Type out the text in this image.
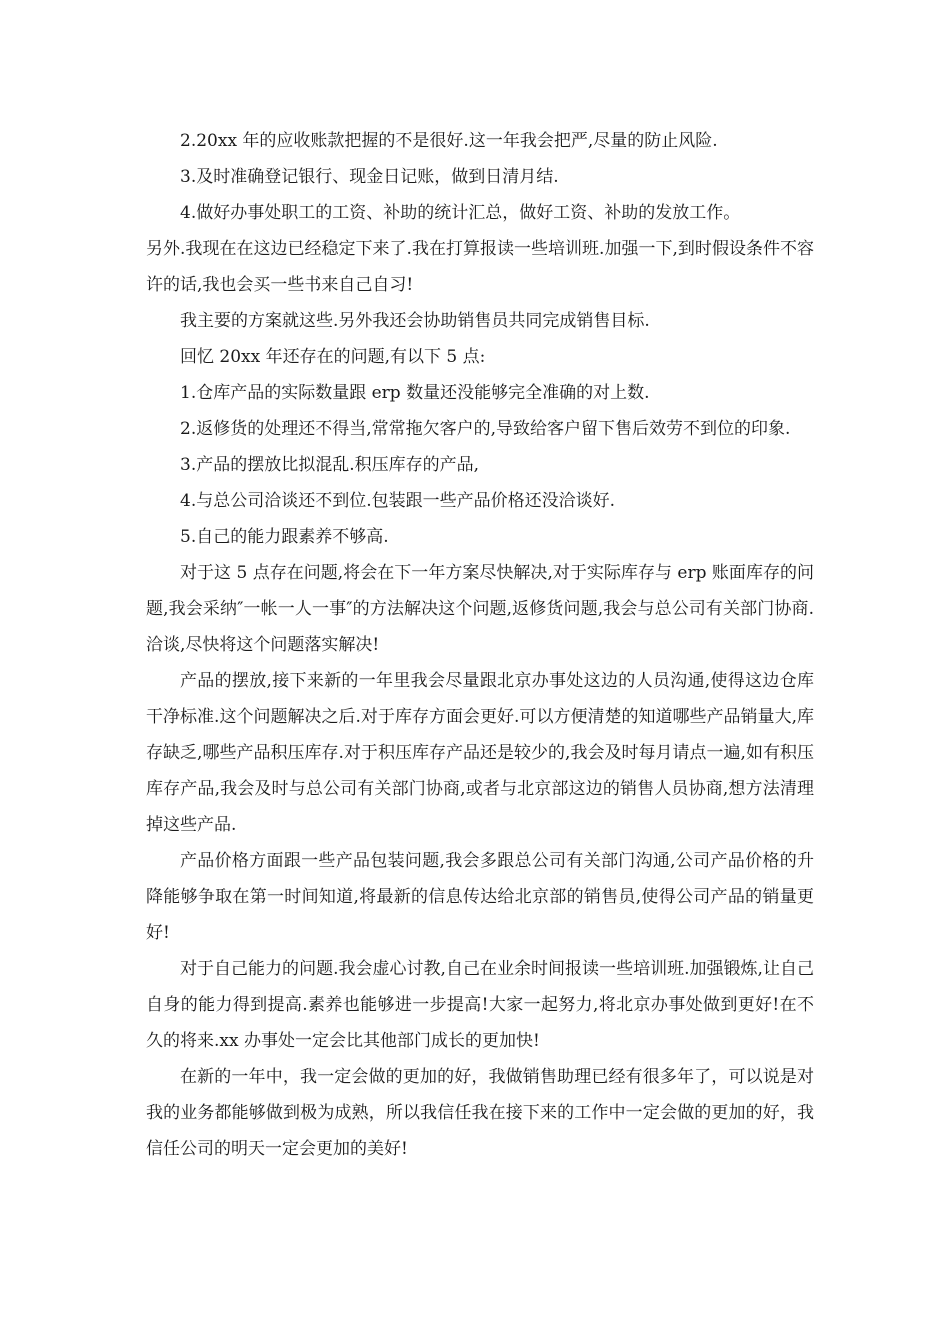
2.20xx 年的应收账款把握的不是很好.这一年我会把严,尽量的防止风险.

3.及时准确登记银行、现金日记账，做到日清月结.

4.做好办事处职工的工资、补助的统计汇总，做好工资、补助的发放工作。

另外.我现在在这边已经稳定下来了.我在打算报读一些培训班.加强一下,到时假设条件不容许的话,我也会买一些书来自己自习!

我主要的方案就这些.另外我还会协助销售员共同完成销售目标.

回忆 20xx 年还存在的问题,有以下 5 点:

1.仓库产品的实际数量跟 erp 数量还没能够完全准确的对上数.

2.返修货的处理还不得当,常常拖欠客户的,导致给客户留下售后效劳不到位的印象.

3.产品的摆放比拟混乱.积压库存的产品,

4.与总公司洽谈还不到位.包装跟一些产品价格还没洽谈好.

5.自己的能力跟素养不够高.

对于这 5 点存在问题,将会在下一年方案尽快解决,对于实际库存与 erp 账面库存的问题,我会采纳″一帐一人一事″的方法解决这个问题,返修货问题,我会与总公司有关部门协商.洽谈,尽快将这个问题落实解决!

产品的摆放,接下来新的一年里我会尽量跟北京办事处这边的人员沟通,使得这边仓库干净标准.这个问题解决之后.对于库存方面会更好.可以方便清楚的知道哪些产品销量大,库存缺乏,哪些产品积压库存.对于积压库存产品还是较少的,我会及时每月请点一遍,如有积压库存产品,我会及时与总公司有关部门协商,或者与北京部这边的销售人员协商,想方法清理掉这些产品.

产品价格方面跟一些产品包装问题,我会多跟总公司有关部门沟通,公司产品价格的升降能够争取在第一时间知道,将最新的信息传达给北京部的销售员,使得公司产品的销量更好!

对于自己能力的问题.我会虚心讨教,自己在业余时间报读一些培训班.加强锻炼,让自己自身的能力得到提高.素养也能够进一步提高!大家一起努力,将北京办事处做到更好!在不久的将来.xx 办事处一定会比其他部门成长的更加快!

在新的一年中，我一定会做的更加的好，我做销售助理已经有很多年了，可以说是对我的业务都能够做到极为成熟，所以我信任我在接下来的工作中一定会做的更加的好，我信任公司的明天一定会更加的美好!
